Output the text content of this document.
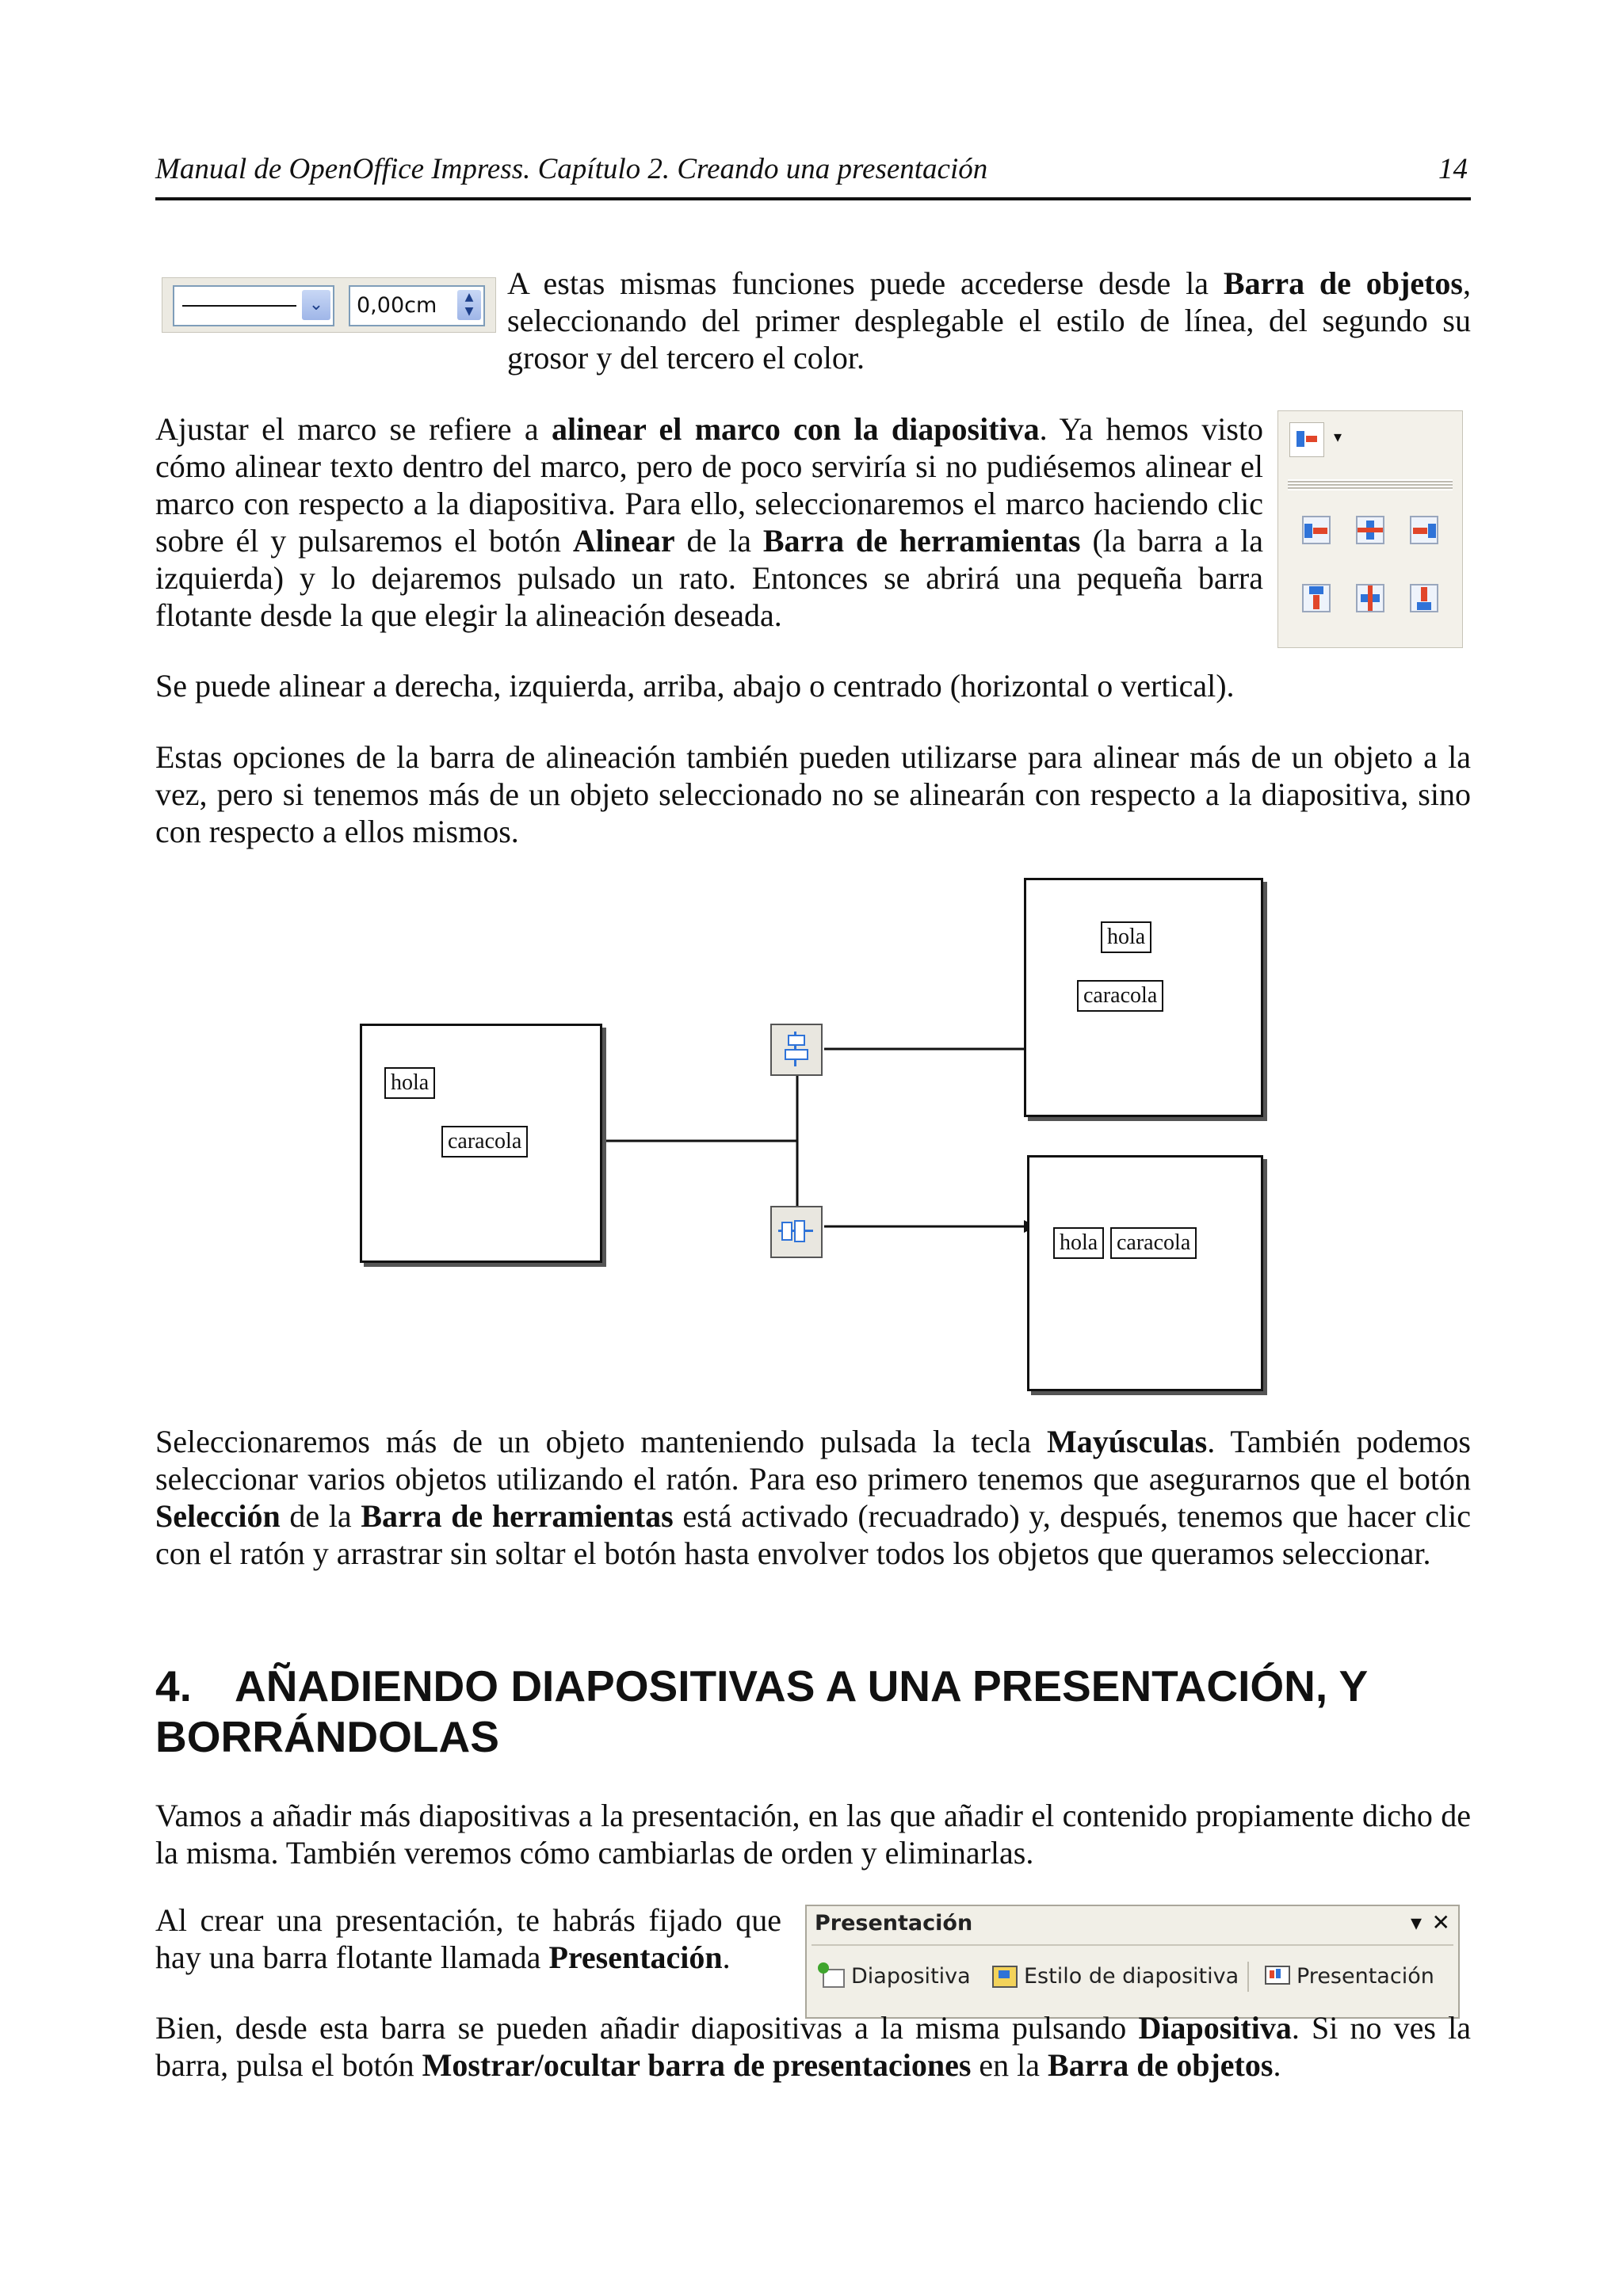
Manual de OpenOffice Impress. Capítulo 2. Creando una presentación	14
⌄	0,00cm	▲
▼

A estas mismas funciones puede accederse desde la Barra de objetos, seleccionando del primer desplegable el estilo de línea, del segundo su grosor y del tercero el color.

Ajustar el marco se refiere a alinear el marco con la diapositiva. Ya hemos visto cómo alinear texto dentro del marco, pero de poco serviría si no pudiésemos alinear el marco con respecto a la diapositiva. Para ello, seleccionaremos el marco haciendo clic sobre él y pulsaremos el botón Alinear de la Barra de herramientas (la barra a la izquierda) y lo dejaremos pulsado un rato. Entonces se abrirá una pequeña barra flotante desde la que elegir la alineación deseada.

▾

Se puede alinear a derecha, izquierda, arriba, abajo o centrado (horizontal o vertical).

Estas opciones de la barra de alineación también pueden utilizarse para alinear más de un objeto a la vez, pero si tenemos más de un objeto seleccionado no se alinearán con respecto a la diapositiva, sino con respecto a ellos mismos.

hola
caracola
hola
caracola
hola caracola

Seleccionaremos más de un objeto manteniendo pulsada la tecla Mayúsculas. También podemos seleccionar varios objetos utilizando el ratón. Para eso primero tenemos que asegurarnos que el botón Selección de la Barra de herramientas está activado (recuadrado) y, después, tenemos que hacer clic con el ratón y arrastrar sin soltar el botón hasta envolver todos los objetos que queramos seleccionar.

4. AÑADIENDO DIAPOSITIVAS A UNA PRESENTACIÓN, Y BORRÁNDOLAS

Vamos a añadir más diapositivas a la presentación, en las que añadir el contenido propiamente dicho de la misma. También veremos cómo cambiarlas de orden y eliminarlas.

Al crear una presentación, te habrás fijado que hay una barra flotante llamada Presentación.

Presentación	▾ ✕
Diapositiva Estilo de diapositiva	Presentación

Bien, desde esta barra se pueden añadir diapositivas a la misma pulsando Diapositiva. Si no ves la barra, pulsa el botón Mostrar/ocultar barra de presentaciones en la Barra de objetos.
